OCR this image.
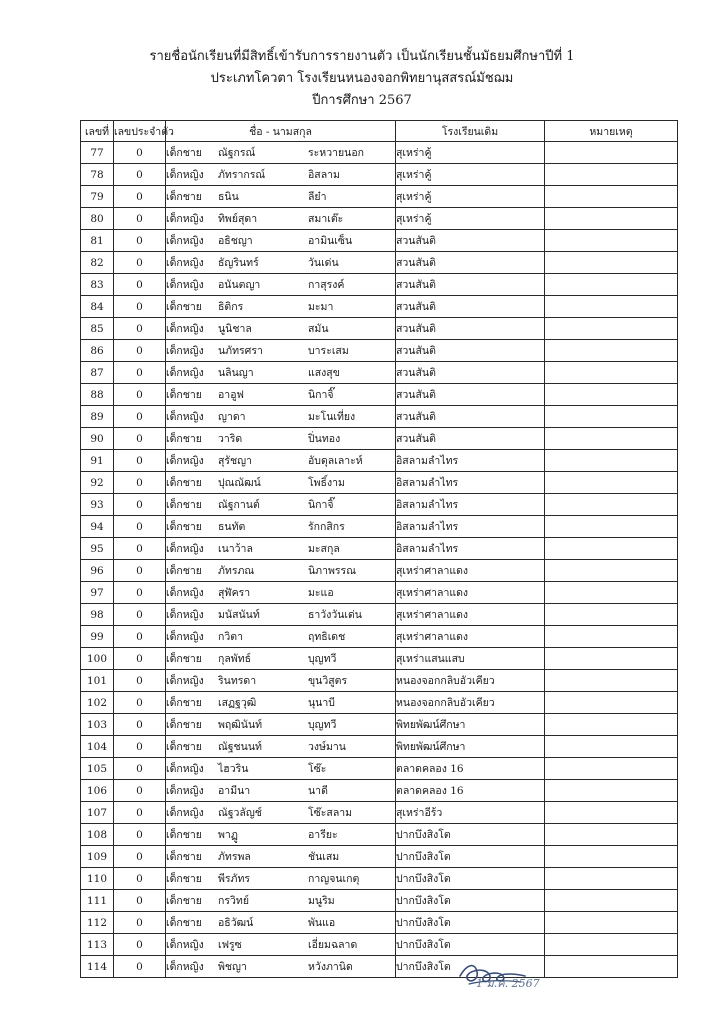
รายชื่อนักเรียนที่มีสิทธิ์เข้ารับการรายงานตัว เป็นนักเรียนชั้นมัธยมศึกษาปีที่ 1
ประเภทโควตา โรงเรียนหนองจอกพิทยานุสสรณ์มัชฌม
ปีการศึกษา 2567
เลขที่	เลขประจำตัว	ชื่อ - นามสกุล	โรงเรียนเดิม	หมายเหตุ
77	0	เด็กชาย ณัฐกรณ์ ระหวายนอก	สุเหร่าคู้	
78	0	เด็กหญิง ภัทรากรณ์ อิสลาม	สุเหร่าคู้	
79	0	เด็กชาย ธนิน ลีย๋า	สุเหร่าคู้	
80	0	เด็กหญิง ทิพย์สุดา สมาเต๊ะ	สุเหร่าคู้	
81	0	เด็กหญิง อธิชญา อามินเซ็น	สวนสันติ	
82	0	เด็กหญิง ธัญรินทร์ วันเด่น	สวนสันติ	
83	0	เด็กหญิง อนันตญา กาสุรงค์	สวนสันติ	
84	0	เด็กชาย ธิติกร มะมา	สวนสันติ	
85	0	เด็กหญิง นูนิชาล สมัน	สวนสันติ	
86	0	เด็กหญิง นภัทรศรา บาระเสม	สวนสันติ	
87	0	เด็กหญิง นลินญา แสงสุข	สวนสันติ	
88	0	เด็กชาย อาอูฟ นิกาจิ๊	สวนสันติ	
89	0	เด็กหญิง ญาดา มะโนเที่ยง	สวนสันติ	
90	0	เด็กชาย วาริด ปิ่นทอง	สวนสันติ	
91	0	เด็กหญิง สุรัชญา อับดุลเลาะห์	อิสลามลำไทร	
92	0	เด็กชาย ปุณณัฒน์ โพธิ์งาม	อิสลามลำไทร	
93	0	เด็กชาย ณัฐกานต์ นิกาจิ๊	อิสลามลำไทร	
94	0	เด็กชาย ธนทัต รักกสิกร	อิสลามลำไทร	
95	0	เด็กหญิง เนาว้าล มะสกุล	อิสลามลำไทร	
96	0	เด็กชาย ภัทรภณ นิภาพรรณ	สุเหร่าศาลาแดง	
97	0	เด็กหญิง สุฬัครา มะแอ	สุเหร่าศาลาแดง	
98	0	เด็กหญิง มนัสนันท์ ธาวังวันเด่น	สุเหร่าศาลาแดง	
99	0	เด็กหญิง กวิตา ฤทธิเดช	สุเหร่าศาลาแดง	
100	0	เด็กชาย กุลพัทธ์ บุญทวี	สุเหร่าแสนแสบ	
101	0	เด็กหญิง รินทรดา ขุนวิสูตร	หนองจอกกลิบอัวเคียว	
102	0	เด็กชาย เสฏฐวุฒิ นุนาบี	หนองจอกกลิบอัวเคียว	
103	0	เด็กชาย พฤฒินันท์ บุญทวี	พิทยพัฒน์ศึกษา	
104	0	เด็กชาย ณัฐชนนท์ วงษ์มาน	พิทยพัฒน์ศึกษา	
105	0	เด็กหญิง ไฮวริน โซ๊ะ	ตลาดคลอง 16	
106	0	เด็กหญิง อามีนา นาดี	ตลาดคลอง 16	
107	0	เด็กหญิง ณัฐวลัญช์ โซ๊ะสลาม	สุเหร่าอีร้ว	
108	0	เด็กชาย พาฏู อารียะ	ปากบึงสิงโต	
109	0	เด็กชาย ภัทรพล ชันเสม	ปากบึงสิงโต	
110	0	เด็กชาย พีรภัทร กาญจนเกตุ	ปากบึงสิงโต	
111	0	เด็กชาย กรวิทย์ มนูริม	ปากบึงสิงโต	
112	0	เด็กชาย อธิวัฒน์ พันแอ	ปากบึงสิงโต	
113	0	เด็กหญิง เฟรูซ เอี่ยมฉลาด	ปากบึงสิงโต	
114	0	เด็กหญิง พิชญา หวังภานิด	ปากบึงสิงโต	
1 ม.ค. 2567
